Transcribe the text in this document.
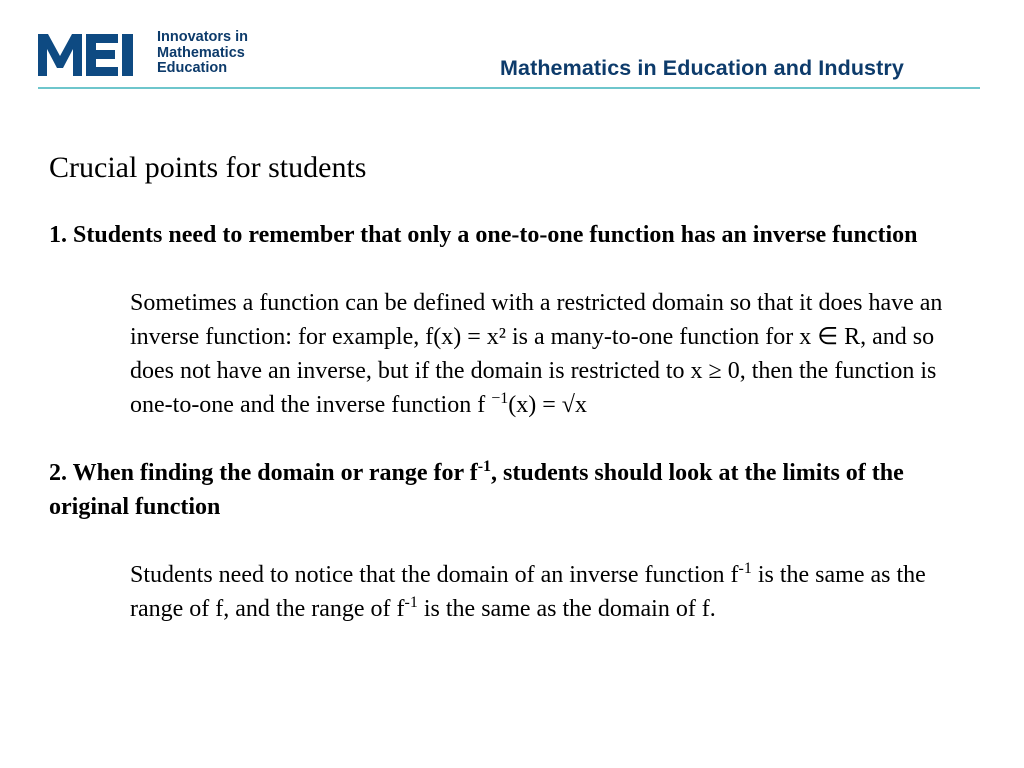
Innovators in
Mathematics
Education	Mathematics in Education and Industry
Crucial points for students

1. Students need to remember that only a one-to-one function has an inverse function

Sometimes a function can be defined with a restricted domain so that it does have an inverse function: for example, f(x) = x² is a many-to-one function for x ∈ R, and so does not have an inverse, but if the domain is restricted to x ≥ 0, then the function is one-to-one and the inverse function f $^{-1}$(x) = √x

2. When finding the domain or range for $f^{-1}$, students should look at the limits of the original function

Students need to notice that the domain of an inverse function $f^{-1}$ is the same as the range of f, and the range of $f^{-1}$ is the same as the domain of f.
